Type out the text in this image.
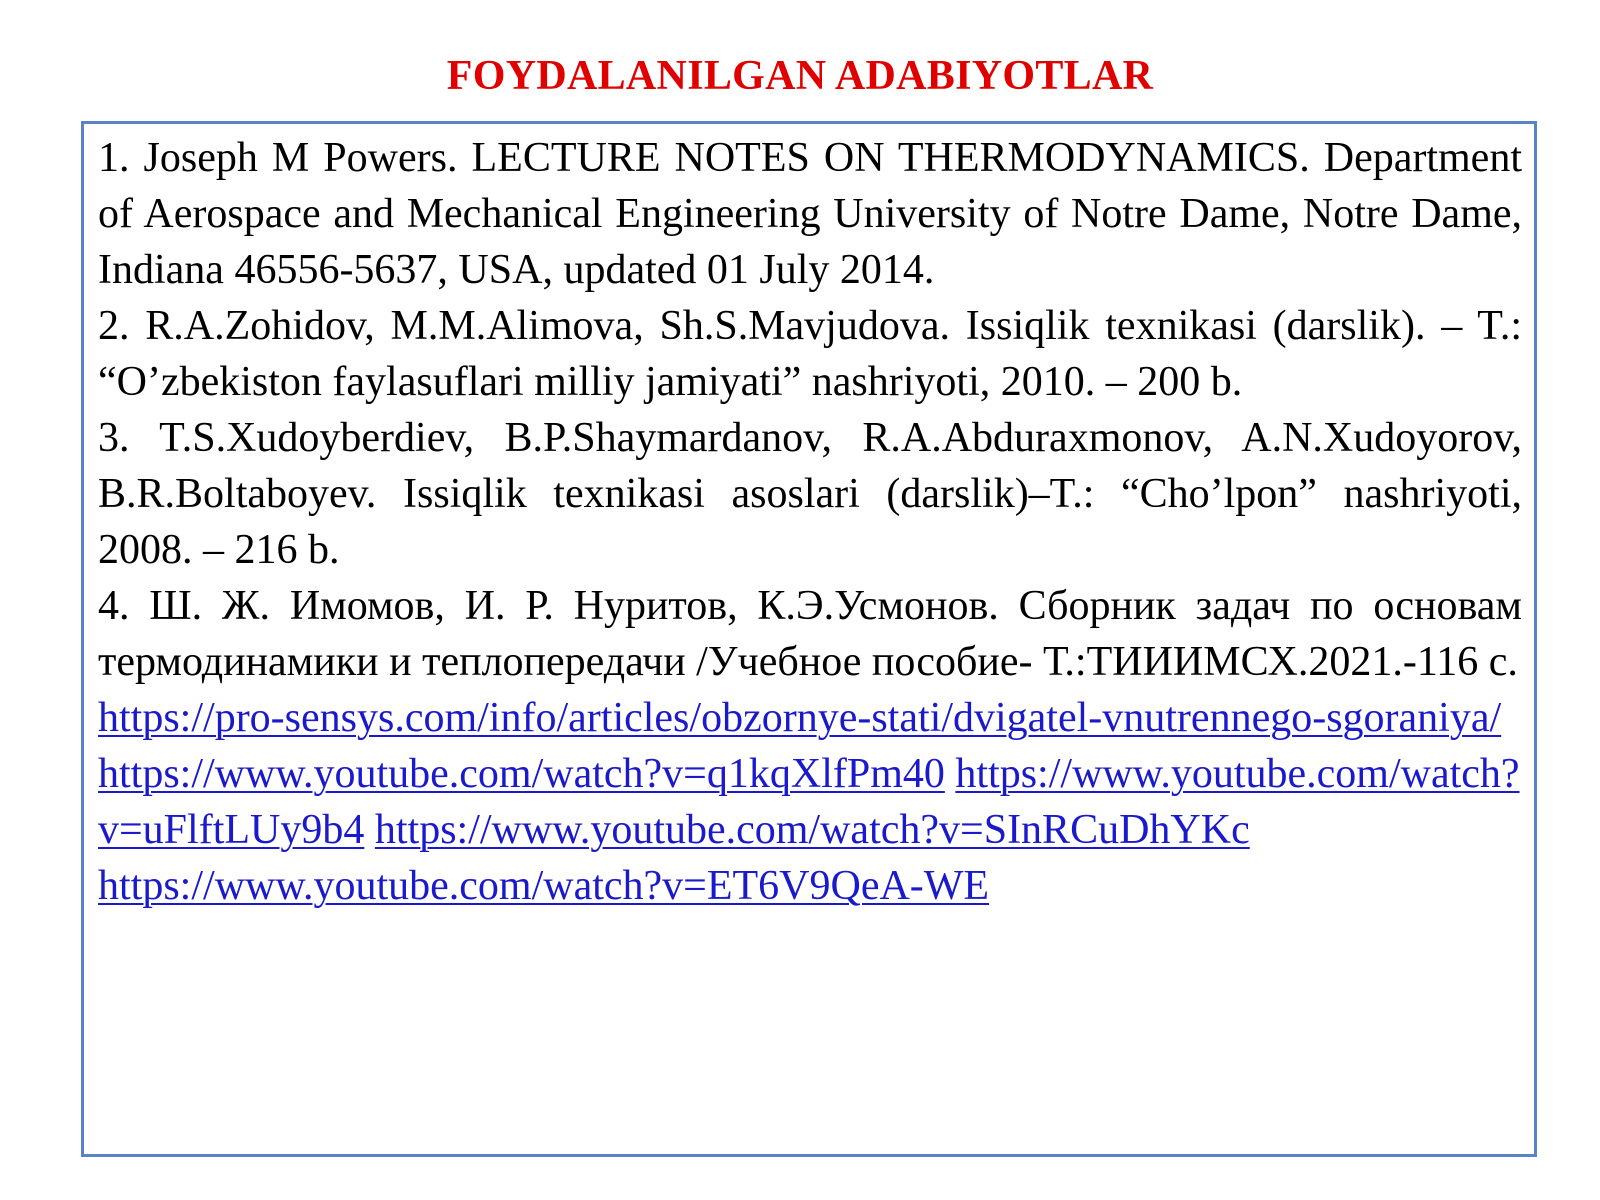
FOYDALANILGAN ADABIYOTLAR

1. Joseph M Powers. LECTURE NOTES ON THERMODYNAMICS. Department of Aerospace and Mechanical Engineering University of Notre Dame, Notre Dame, Indiana 46556-5637, USA, updated 01 July 2014.

2. R.A.Zohidov, M.M.Alimova, Sh.S.Mavjudova. Issiqlik texnikasi (darslik). – T.: “O’zbekiston faylasuflari milliy jamiyati” nashriyoti, 2010. – 200 b.

3. T.S.Xudoyberdiev, B.P.Shaymardanov, R.A.Abduraxmonov, A.N.Xudoyorov, B.R.Boltaboyev. Issiqlik texnikasi asoslari (darslik)–T.: “Cho’lpon” nashriyoti, 2008. – 216 b.

4. Ш. Ж. Имомов, И. Р. Нуритов, К.Э.Усмонов. Сборник задач по основам термодинамики и теплопередачи /Учебное пособие- Т.:ТИИИМСХ.2021.-116 с.

https://pro-sensys.com/info/articles/obzornye-stati/dvigatel-vnutrennego-sgoraniya/ https://www.youtube.com/watch?v=q1kqXlfPm40 https://www.youtube.com/watch?v=uFlftLUy9b4 https://www.youtube.com/watch?v=SInRCuDhYKc https://www.youtube.com/watch?v=ET6V9QeA-WE
